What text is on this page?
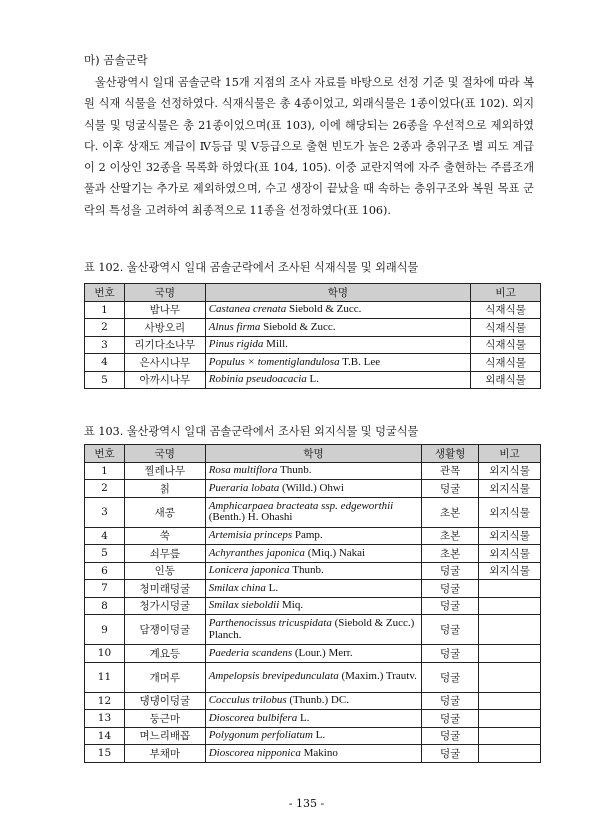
마) 곰솔군락

울산광역시 일대 곰솔군락 15개 지점의 조사 자료를 바탕으로 선정 기준 및 절차에 따라 복원 식재 식물을 선정하였다. 식재식물은 총 4종이었고, 외래식물은 1종이었다(표 102). 외지식물 및 덩굴식물은 총 21종이었으며(표 103), 이에 해당되는 26종을 우선적으로 제외하였다. 이후 상재도 계급이 Ⅳ등급 및 Ⅴ등급으로 출현 빈도가 높은 2종과 층위구조 별 피도 계급이 2 이상인 32종을 목록화 하였다(표 104, 105). 이중 교란지역에 자주 출현하는 주름조개풀과 산딸기는 추가로 제외하였으며, 수고 생장이 끝났을 때 속하는 층위구조와 복원 목표 군락의 특성을 고려하여 최종적으로 11종을 선정하였다(표 106).

표 102. 울산광역시 일대 곰솔군락에서 조사된 식재식물 및 외래식물
번호	국명	학명	비고
1	밤나무	Castanea crenata Siebold & Zucc.	식재식물
2	사방오리	Alnus firma Siebold & Zucc.	식재식물
3	리기다소나무	Pinus rigida Mill.	식재식물
4	은사시나무	Populus × tomentiglandulosa T.B. Lee	식재식물
5	아까시나무	Robinia pseudoacacia L.	외래식물
표 103. 울산광역시 일대 곰솔군락에서 조사된 외지식물 및 덩굴식물
번호	국명	학명	생활형	비고
1	찔레나무	Rosa multiflora Thunb.	관목	외지식물
2	칡	Pueraria lobata (Willd.) Ohwi	덩굴	외지식물
3	새콩	Amphicarpaea bracteata ssp. edgeworthii (Benth.) H. Ohashi	초본	외지식물
4	쑥	Artemisia princeps Pamp.	초본	외지식물
5	쇠무릎	Achyranthes japonica (Miq.) Nakai	초본	외지식물
6	인동	Lonicera japonica Thunb.	덩굴	외지식물
7	청미래덩굴	Smilax china L.	덩굴	
8	청가시덩굴	Smilax sieboldii Miq.	덩굴	
9	담쟁이덩굴	Parthenocissus tricuspidata (Siebold & Zucc.) Planch.	덩굴	
10	계요등	Paederia scandens (Lour.) Merr.	덩굴	
11	개머루	Ampelopsis brevipedunculata (Maxim.) Trautv.	덩굴	
12	댕댕이덩굴	Cocculus trilobus (Thunb.) DC.	덩굴	
13	둥근마	Dioscorea bulbifera L.	덩굴	
14	며느리배꼽	Polygonum perfoliatum L.	덩굴	
15	부채마	Dioscorea nipponica Makino	덩굴	
- 135 -
